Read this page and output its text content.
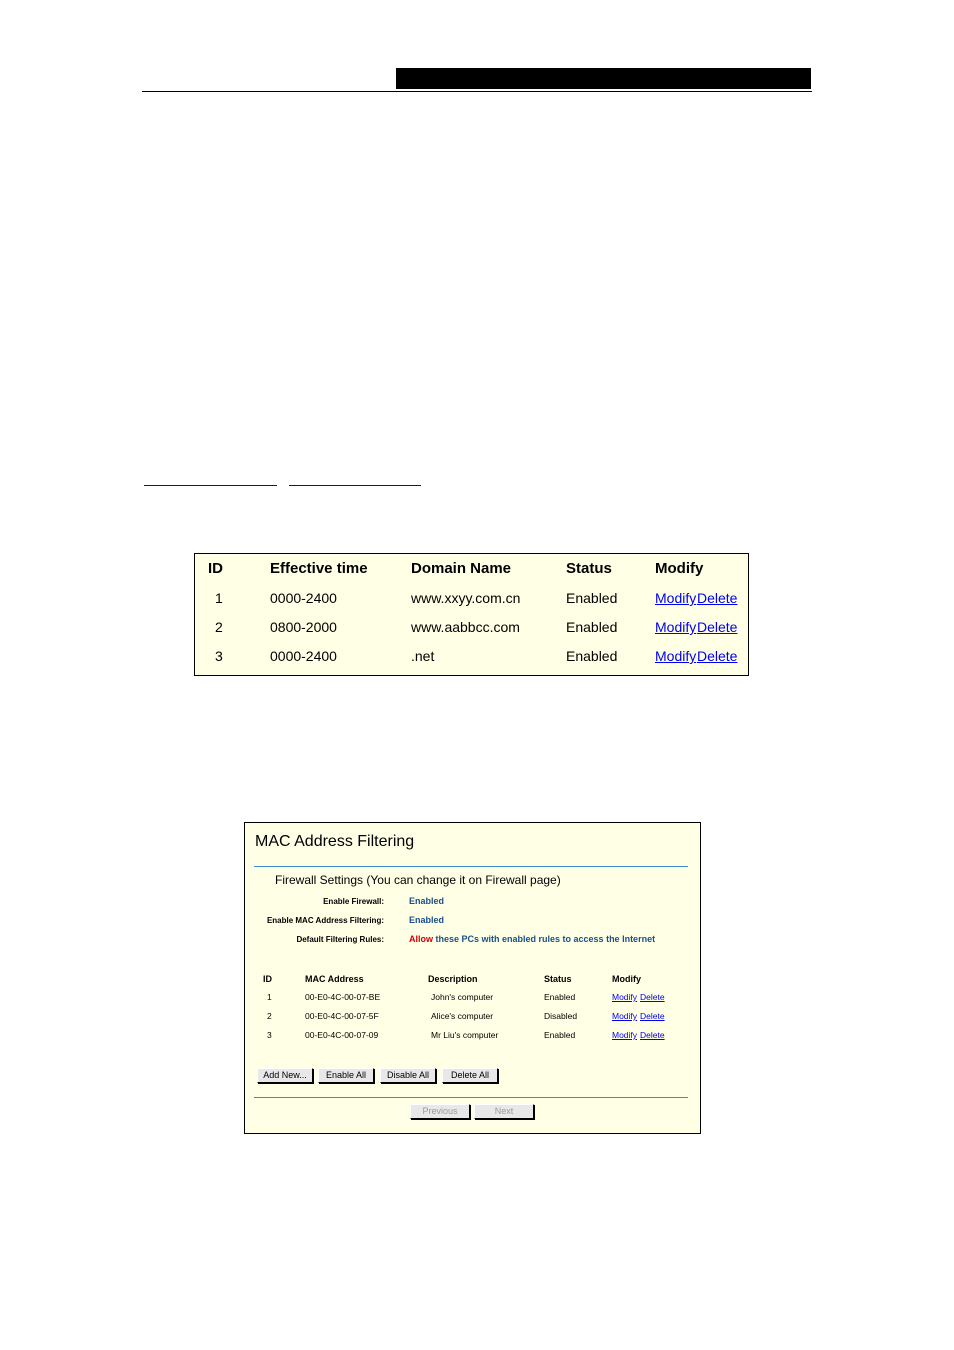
ID	Effective time	Domain Name	Status	Modify
1	0000-2400	www.xxyy.com.cn	Enabled	Modify Delete
2	0800-2000	www.aabbcc.com	Enabled	Modify Delete
3	0000-2400	.net	Enabled	Modify Delete
MAC Address Filtering
Firewall Settings (You can change it on Firewall page)
Enable Firewall:	Enabled
Enable MAC Address Filtering:	Enabled
Default Filtering Rules:	Allow these PCs with enabled rules to access the Internet
ID	MAC Address	Description	Status	Modify
1	00-E0-4C-00-07-BE	John's computer	Enabled	Modify Delete
2	00-E0-4C-00-07-5F	Alice's computer	Disabled	Modify Delete
3	00-E0-4C-00-07-09	Mr Liu's computer	Enabled	Modify Delete
Add New...	Enable All	Disable All	Delete All
Previous	Next
